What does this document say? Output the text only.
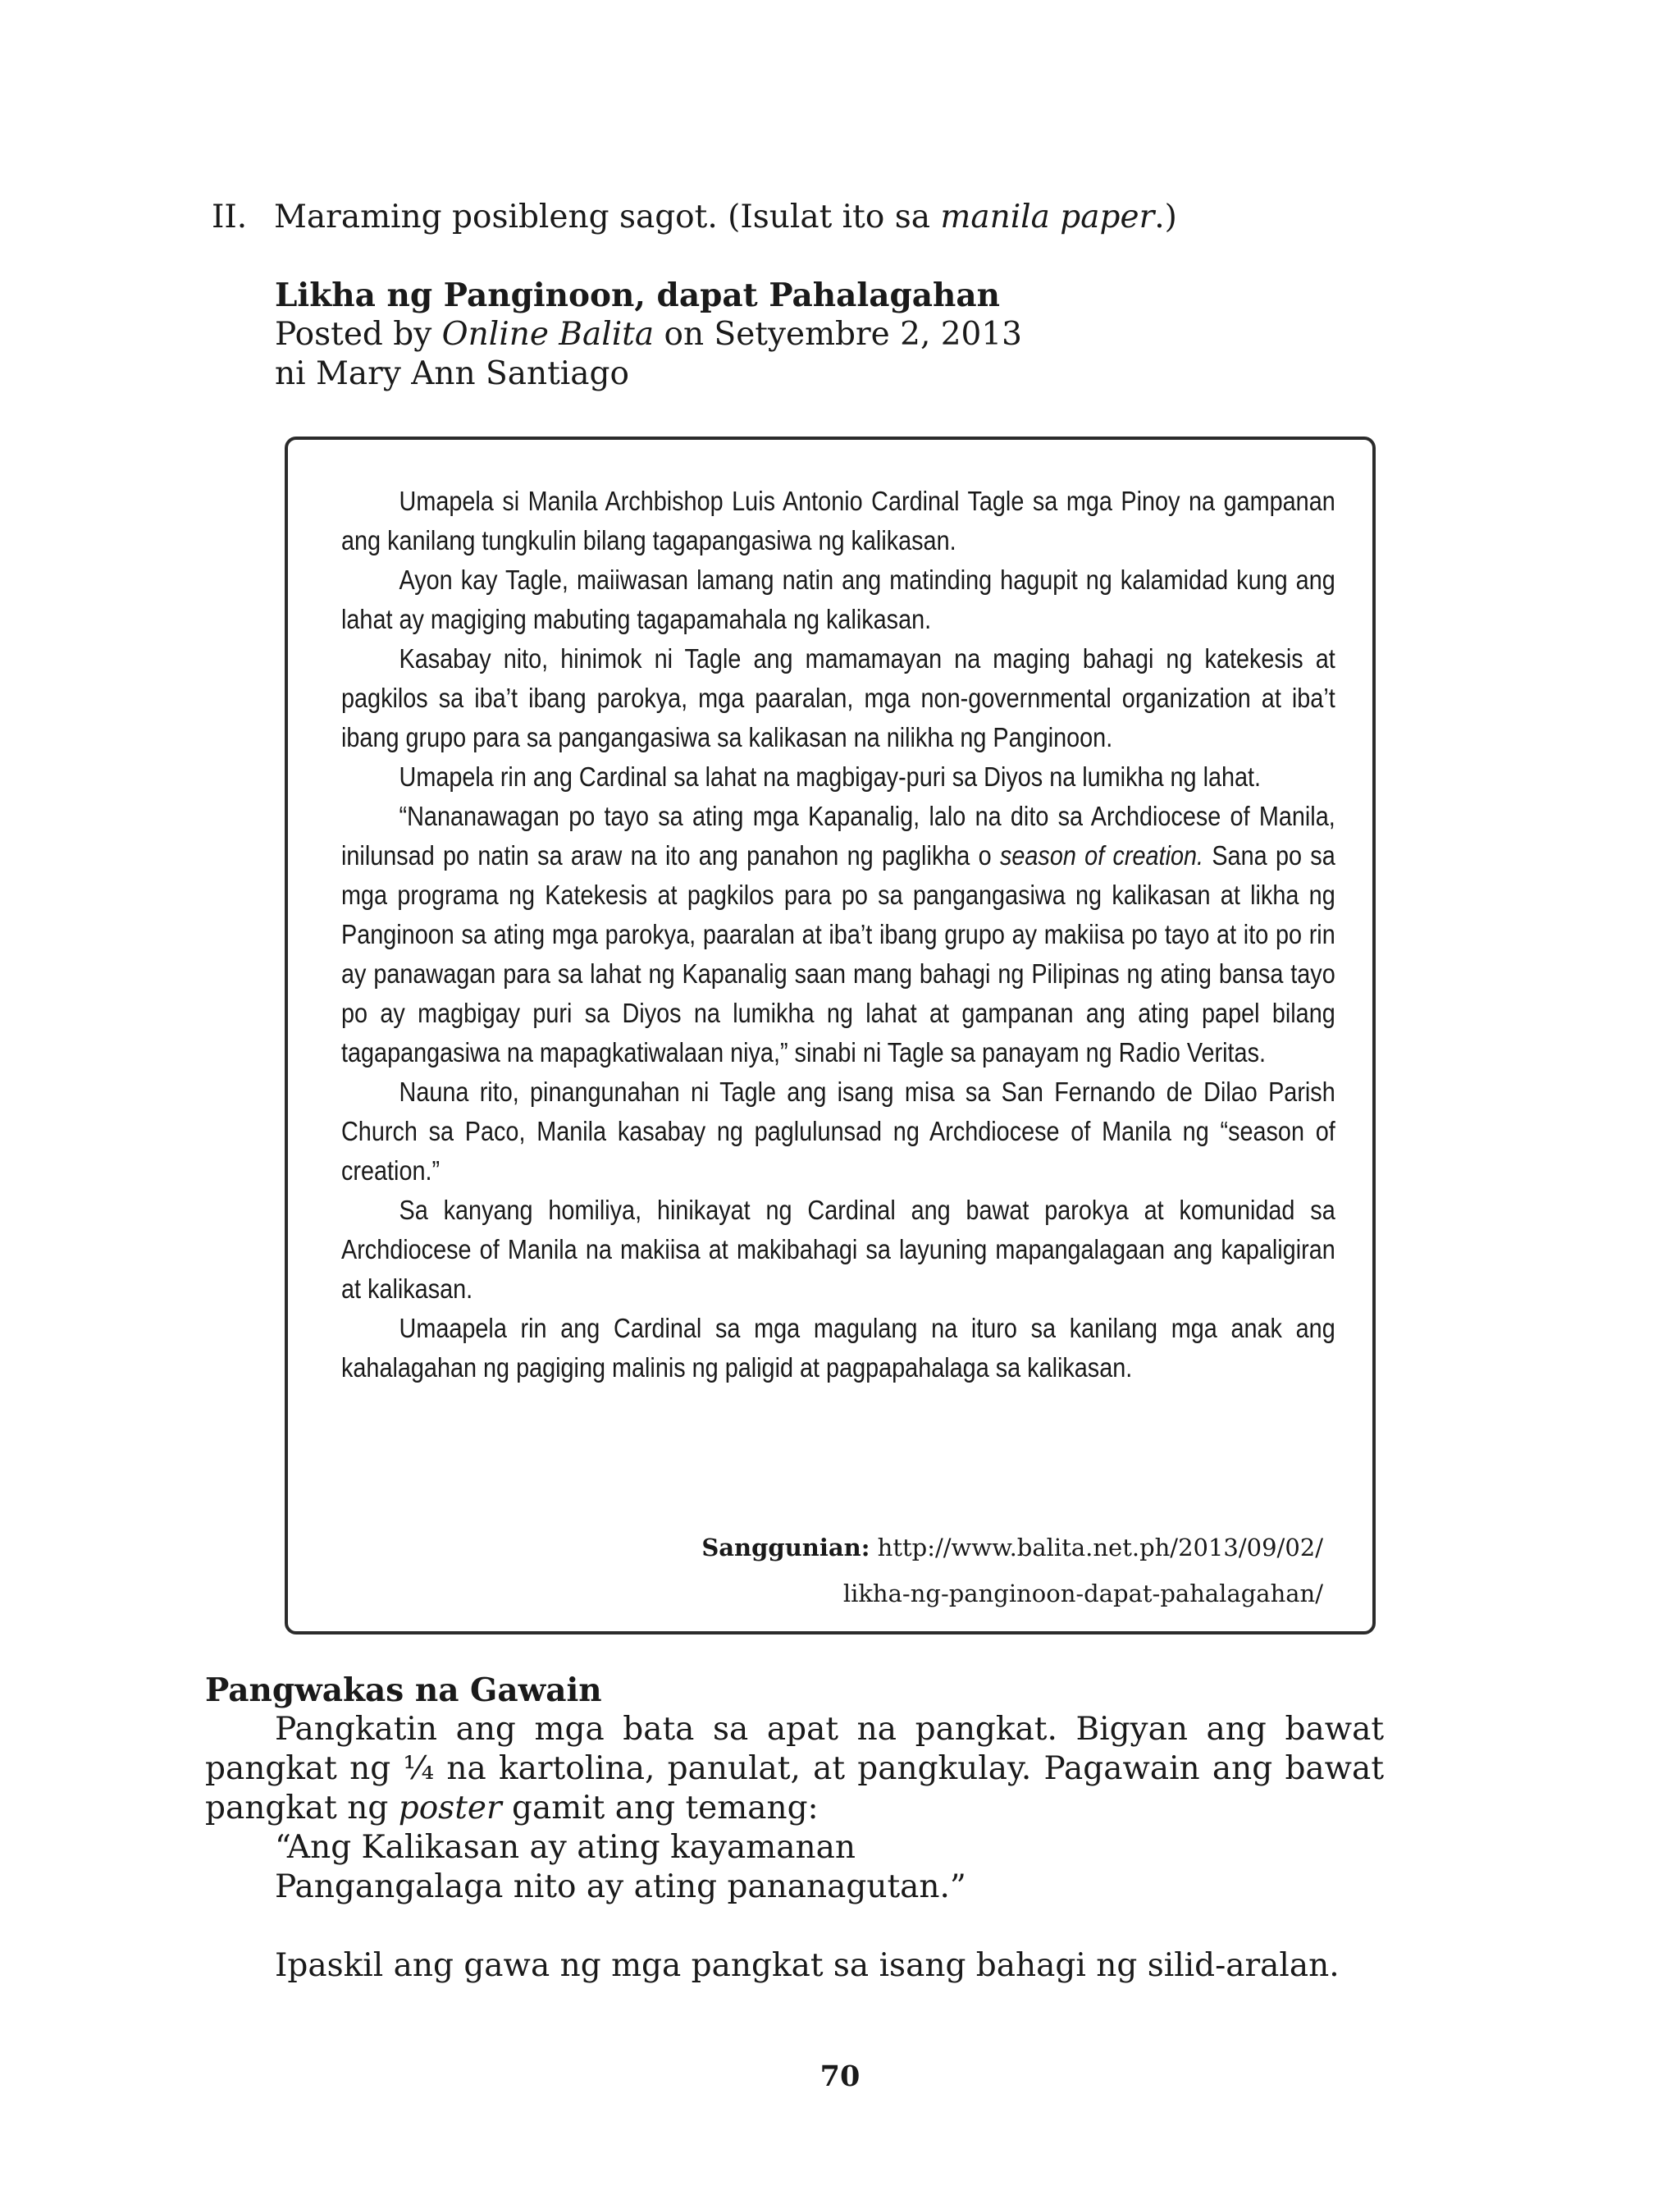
II. Maraming posibleng sagot. (Isulat ito sa manila paper.)
Likha ng Panginoon, dapat Pahalagahan
Posted by Online Balita on Setyembre 2, 2013
ni Mary Ann Santiago

Umapela si Manila Archbishop Luis Antonio Cardinal Tagle sa mga Pinoy na gampanan ang kanilang tungkulin bilang tagapangasiwa ng kalikasan.

Ayon kay Tagle, maiiwasan lamang natin ang matinding hagupit ng kalamidad kung ang lahat ay magiging mabuting tagapamahala ng kalikasan.

Kasabay nito, hinimok ni Tagle ang mamamayan na maging bahagi ng katekesis at pagkilos sa iba’t ibang parokya, mga paaralan, mga non-governmental organization at iba’t ibang grupo para sa pangangasiwa sa kalikasan na nilikha ng Panginoon.

Umapela rin ang Cardinal sa lahat na magbigay-puri sa Diyos na lumikha ng lahat.

“Nananawagan po tayo sa ating mga Kapanalig, lalo na dito sa Archdiocese of Manila, inilunsad po natin sa araw na ito ang panahon ng paglikha o season of creation. Sana po sa mga programa ng Katekesis at pagkilos para po sa pangangasiwa ng kalikasan at likha ng Panginoon sa ating mga parokya, paaralan at iba’t ibang grupo ay makiisa po tayo at ito po rin ay panawagan para sa lahat ng Kapanalig saan mang bahagi ng Pilipinas ng ating bansa tayo po ay magbigay puri sa Diyos na lumikha ng lahat at gampanan ang ating papel bilang tagapangasiwa na mapagkatiwalaan niya,” sinabi ni Tagle sa panayam ng Radio Veritas.

Nauna rito, pinangunahan ni Tagle ang isang misa sa San Fernando de Dilao Parish Church sa Paco, Manila kasabay ng paglulunsad ng Archdiocese of Manila ng “season of creation.”

Sa kanyang homiliya, hinikayat ng Cardinal ang bawat parokya at komunidad sa Archdiocese of Manila na makiisa at makibahagi sa layuning mapangalagaan ang kapaligiran at kalikasan.

Umaapela rin ang Cardinal sa mga magulang na ituro sa kanilang mga anak ang kahalagahan ng pagiging malinis ng paligid at pagpapahalaga sa kalikasan.

Sanggunian: http://www.balita.net.ph/2013/09/02/
likha-ng-panginoon-dapat-pahalagahan/
Pangwakas na Gawain

Pangkatin ang mga bata sa apat na pangkat. Bigyan ang bawat pangkat ng ¼ na kartolina, panulat, at pangkulay. Pagawain ang bawat pangkat ng poster gamit ang temang:

“Ang Kalikasan ay ating kayamanan

Pangangalaga nito ay ating pananagutan.”

Ipaskil ang gawa ng mga pangkat sa isang bahagi ng silid-aralan.

70
